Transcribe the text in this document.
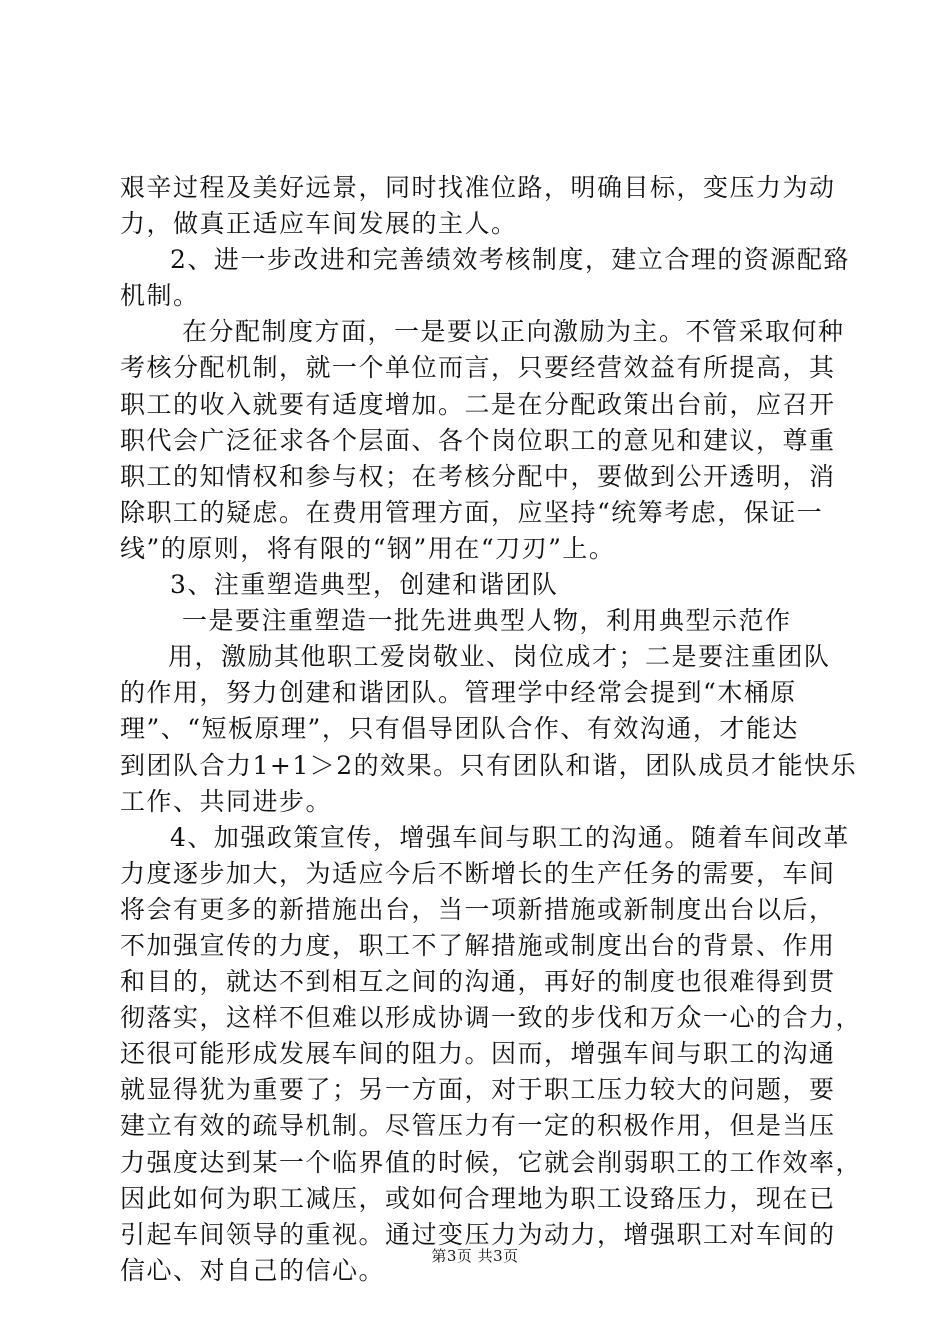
艰辛过程及美好远景，同时找准位路，明确目标，变压力为动
力，做真正适应车间发展的主人。
2、进一步改进和完善绩效考核制度，建立合理的资源配臵
机制。
在分配制度方面，一是要以正向激励为主。不管采取何种
考核分配机制，就一个单位而言，只要经营效益有所提高，其
职工的收入就要有适度增加。二是在分配政策出台前，应召开
职代会广泛征求各个层面、各个岗位职工的意见和建议，尊重
职工的知情权和参与权；在考核分配中，要做到公开透明，消
除职工的疑虑。在费用管理方面，应坚持“统筹考虑，保证一
线”的原则，将有限的“钢”用在“刀刃”上。
3、注重塑造典型，创建和谐团队
一是要注重塑造一批先进典型人物，利用典型示范作
用，激励其他职工爱岗敬业、岗位成才；二是要注重团队
的作用，努力创建和谐团队。管理学中经常会提到“木桶原
理”、“短板原理”，只有倡导团队合作、有效沟通，才能达
到团队合力1+1＞2的效果。只有团队和谐，团队成员才能快乐
工作、共同进步。
4、加强政策宣传，增强车间与职工的沟通。随着车间改革
力度逐步加大，为适应今后不断增长的生产任务的需要，车间
将会有更多的新措施出台，当一项新措施或新制度出台以后，
不加强宣传的力度，职工不了解措施或制度出台的背景、作用
和目的，就达不到相互之间的沟通，再好的制度也很难得到贯
彻落实，这样不但难以形成协调一致的步伐和万众一心的合力，
还很可能形成发展车间的阻力。因而，增强车间与职工的沟通
就显得犹为重要了；另一方面，对于职工压力较大的问题，要
建立有效的疏导机制。尽管压力有一定的积极作用，但是当压
力强度达到某一个临界值的时候，它就会削弱职工的工作效率，
因此如何为职工减压，或如何合理地为职工设臵压力，现在已
引起车间领导的重视。通过变压力为动力，增强职工对车间的
信心、对自己的信心。	第3页 共3页
